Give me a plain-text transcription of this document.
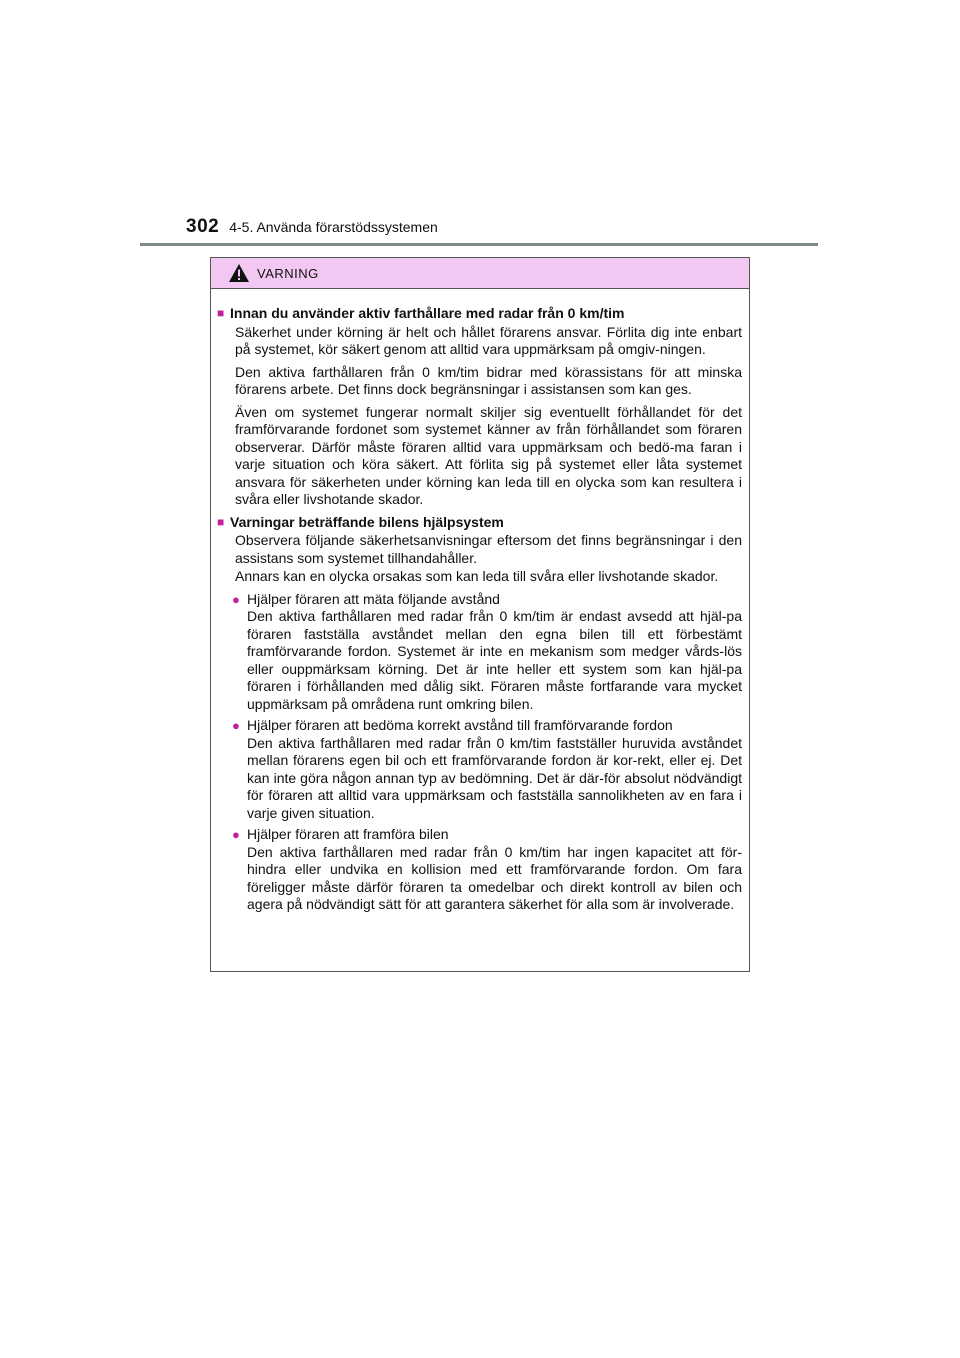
302 4-5. Använda förarstödssystemen
VARNING
■ Innan du använder aktiv farthållare med radar från 0 km/tim

Säkerhet under körning är helt och hållet förarens ansvar. Förlita dig inte enbart på systemet, kör säkert genom att alltid vara uppmärksam på omgiv-ningen.

Den aktiva farthållaren från 0 km/tim bidrar med körassistans för att minska förarens arbete. Det finns dock begränsningar i assistansen som kan ges.

Även om systemet fungerar normalt skiljer sig eventuellt förhållandet för det framförvarande fordonet som systemet känner av från förhållandet som föraren observerar. Därför måste föraren alltid vara uppmärksam och bedö-ma faran i varje situation och köra säkert. Att förlita sig på systemet eller låta systemet ansvara för säkerheten under körning kan leda till en olycka som kan resultera i svåra eller livshotande skador.

■ Varningar beträffande bilens hjälpsystem

Observera följande säkerhetsanvisningar eftersom det finns begränsningar i den assistans som systemet tillhandahåller.

Annars kan en olycka orsakas som kan leda till svåra eller livshotande skador.

● Hjälper föraren att mäta följande avstånd
Den aktiva farthållaren med radar från 0 km/tim är endast avsedd att hjäl-pa föraren fastställa avståndet mellan den egna bilen till ett förbestämt framförvarande fordon. Systemet är inte en mekanism som medger vårds-lös eller ouppmärksam körning. Det är inte heller ett system som kan hjäl-pa föraren i förhållanden med dålig sikt. Föraren måste fortfarande vara mycket uppmärksam på områdena runt omkring bilen.
● Hjälper föraren att bedöma korrekt avstånd till framförvarande fordon
Den aktiva farthållaren med radar från 0 km/tim fastställer huruvida avståndet mellan förarens egen bil och ett framförvarande fordon är kor-rekt, eller ej. Det kan inte göra någon annan typ av bedömning. Det är där-för absolut nödvändigt för föraren att alltid vara uppmärksam och fastställa sannolikheten av en fara i varje given situation.
● Hjälper föraren att framföra bilen
Den aktiva farthållaren med radar från 0 km/tim har ingen kapacitet att för-hindra eller undvika en kollision med ett framförvarande fordon. Om fara föreligger måste därför föraren ta omedelbar och direkt kontroll av bilen och agera på nödvändigt sätt för att garantera säkerhet för alla som är involverade.
